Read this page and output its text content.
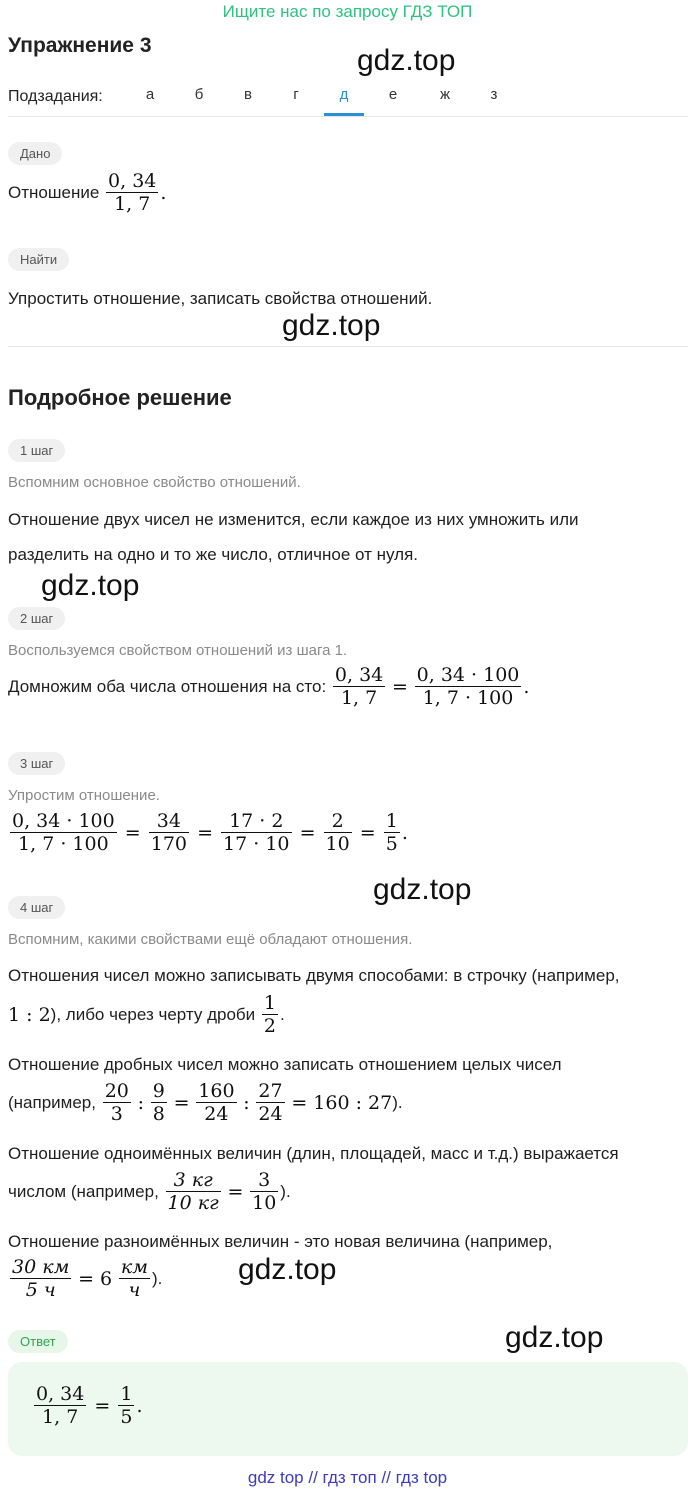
Ищите нас по запросу ГДЗ ТОП
Упражнение 3	gdz.top
gdz.top
gdz.top
gdz.top
gdz.top
gdz.top
Подзадания:	а	б	в	г	д	е	ж	з
Дано
Отношение $\frac{0, 34}{1, 7}$ .
Найти
Упростить отношение, записать свойства отношений.
Подробное решение
1 шаг
Вспомним основное свойство отношений.
Отношение двух чисел не изменится, если каждое из них умножить или
разделить на одно и то же число, отличное от нуля.
2 шаг
Воспользуемся свойством отношений из шага 1.
Домножим оба числа отношения на сто: $\frac{0, 34}{1, 7} = \frac{0, 34 \cdot 100}{1, 7 \cdot 100}$ .
3 шаг
Упростим отношение.
$\frac{0, 34 \cdot 100}{1, 7 \cdot 100} = \frac{34}{170} = \frac{17 \cdot 2}{17 \cdot 10} = \frac{2}{10} = \frac{1}{5}$ .
4 шаг
Вспомним, какими свойствами ещё обладают отношения.
Отношения чисел можно записывать двумя способами: в строчку (например,
1 : 2), либо через черту дроби $\frac{1}{2}$ .
Отношение дробных чисел можно записать отношением целых чисел
(например, $\frac{20}{3}$ : $\frac{9}{8} = \frac{160}{24}$ : $\frac{27}{24} = 160$ : 27).
Отношение одноимённых величин (длин, площадей, масс и т.д.) выражается
числом (например, $\frac{3 кг}{10 кг} = \frac{3}{10}$ ).
Отношение разноимённых величин - это новая величина (например,
$\frac{30 км}{5 ч} = 6 \frac{км}{ч}$ ).
Ответ
$\frac{0, 34}{1, 7} = \frac{1}{5}$ .
gdz top // гдз топ // гдз top
